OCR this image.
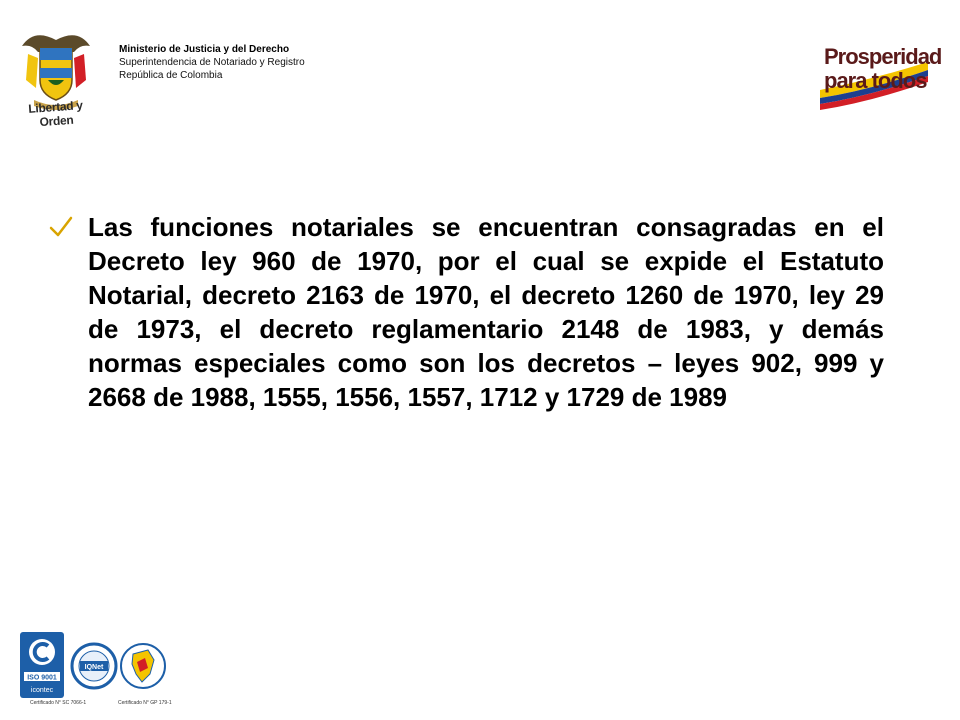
Libertad y Orden
Ministerio de Justicia y del Derecho
Superintendencia de Notariado y Registro
República de Colombia
Prosperidad
para todos

Las funciones notariales se encuentran consagradas en el Decreto ley 960 de 1970, por el cual se expide el Estatuto Notarial, decreto 2163 de 1970, el decreto 1260 de 1970, ley 29 de 1973, el decreto reglamentario 2148 de 1983, y demás normas especiales como son los decretos – leyes 902, 999 y 2668 de 1988, 1555, 1556, 1557, 1712 y 1729 de 1989

ISO 9001
icontec
IQNet
Certificado N° SC 7066-1	Certificado N° GP 179-1
